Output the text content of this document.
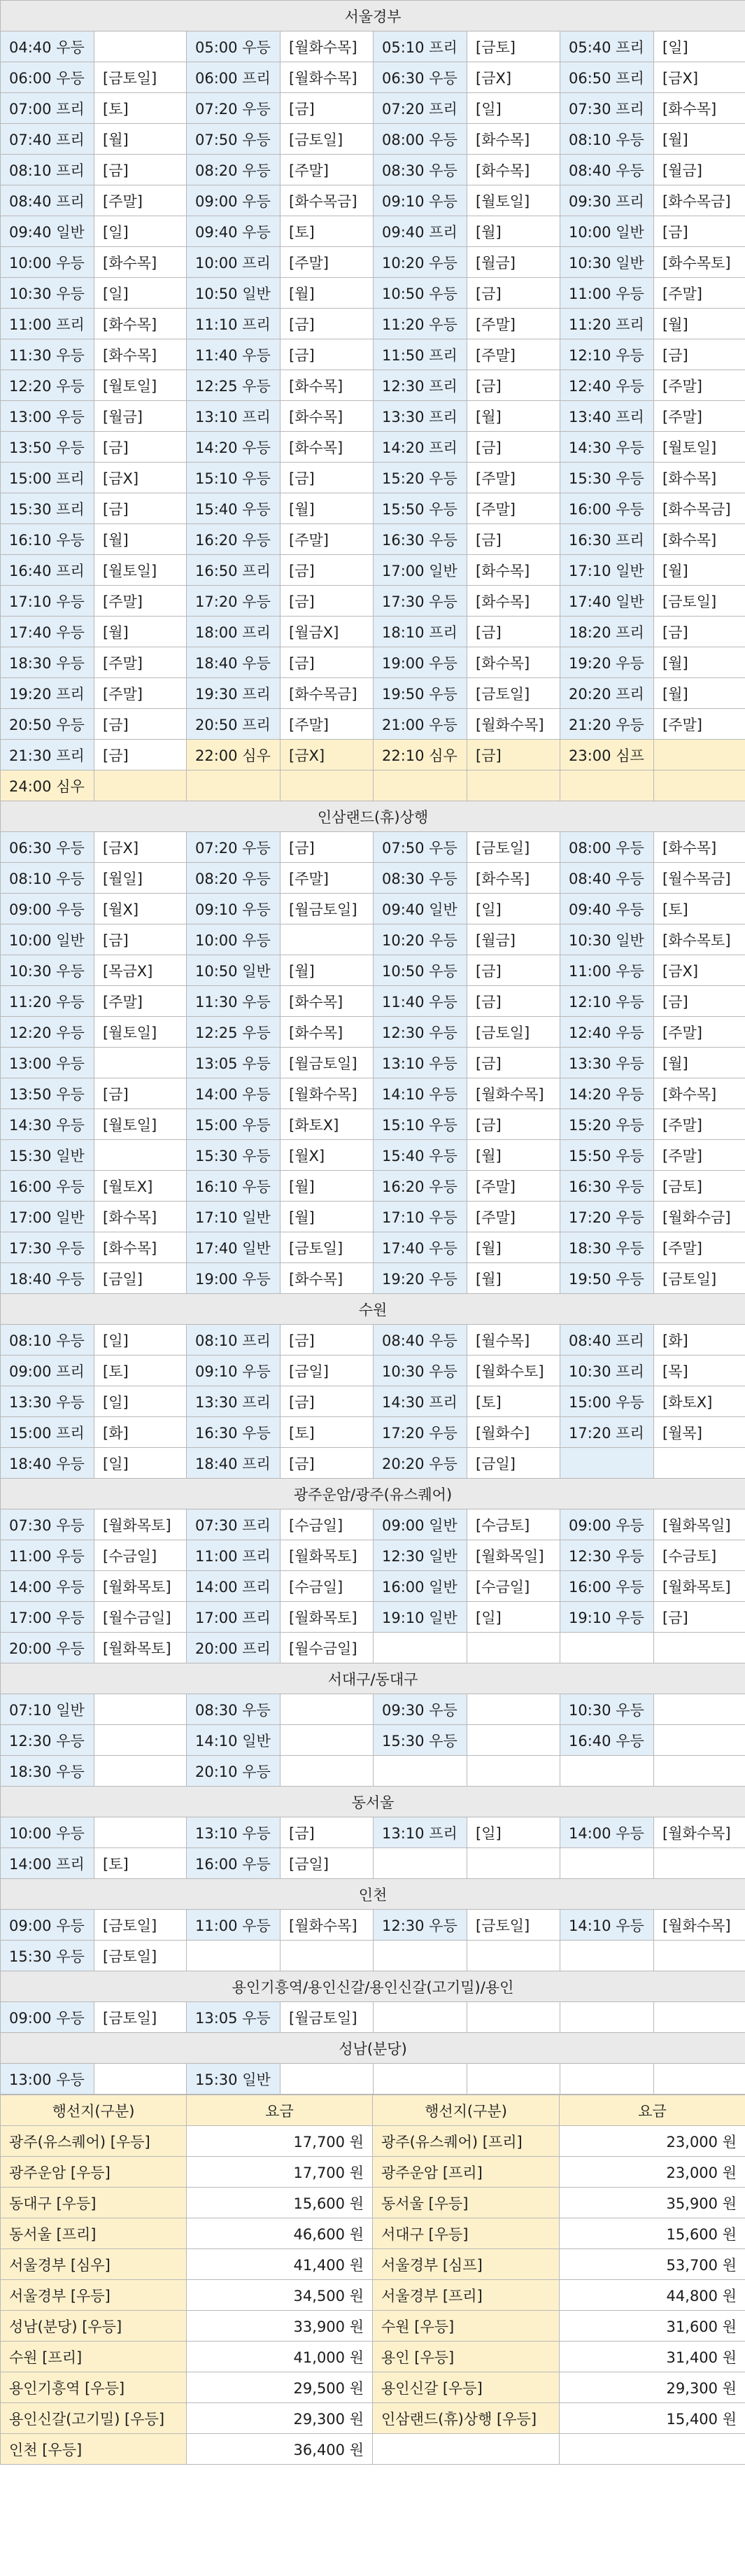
서울경부							
04:40 우등		05:00 우등	[월화수목]	05:10 프리	[금토]	05:40 프리	[일]
06:00 우등	[금토일]	06:00 프리	[월화수목]	06:30 우등	[금X]	06:50 프리	[금X]
07:00 프리	[토]	07:20 우등	[금]	07:20 프리	[일]	07:30 프리	[화수목]
07:40 프리	[월]	07:50 우등	[금토일]	08:00 우등	[화수목]	08:10 우등	[월]
08:10 프리	[금]	08:20 우등	[주말]	08:30 우등	[화수목]	08:40 우등	[월금]
08:40 프리	[주말]	09:00 우등	[화수목금]	09:10 우등	[월토일]	09:30 프리	[화수목금]
09:40 일반	[일]	09:40 우등	[토]	09:40 프리	[월]	10:00 일반	[금]
10:00 우등	[화수목]	10:00 프리	[주말]	10:20 우등	[월금]	10:30 일반	[화수목토]
10:30 우등	[일]	10:50 일반	[월]	10:50 우등	[금]	11:00 우등	[주말]
11:00 프리	[화수목]	11:10 프리	[금]	11:20 우등	[주말]	11:20 프리	[월]
11:30 우등	[화수목]	11:40 우등	[금]	11:50 프리	[주말]	12:10 우등	[금]
12:20 우등	[월토일]	12:25 우등	[화수목]	12:30 프리	[금]	12:40 우등	[주말]
13:00 우등	[월금]	13:10 프리	[화수목]	13:30 프리	[월]	13:40 프리	[주말]
13:50 우등	[금]	14:20 우등	[화수목]	14:20 프리	[금]	14:30 우등	[월토일]
15:00 프리	[금X]	15:10 우등	[금]	15:20 우등	[주말]	15:30 우등	[화수목]
15:30 프리	[금]	15:40 우등	[월]	15:50 우등	[주말]	16:00 우등	[화수목금]
16:10 우등	[월]	16:20 우등	[주말]	16:30 우등	[금]	16:30 프리	[화수목]
16:40 프리	[월토일]	16:50 프리	[금]	17:00 일반	[화수목]	17:10 일반	[월]
17:10 우등	[주말]	17:20 우등	[금]	17:30 우등	[화수목]	17:40 일반	[금토일]
17:40 우등	[월]	18:00 프리	[월금X]	18:10 프리	[금]	18:20 프리	[금]
18:30 우등	[주말]	18:40 우등	[금]	19:00 우등	[화수목]	19:20 우등	[월]
19:20 프리	[주말]	19:30 프리	[화수목금]	19:50 우등	[금토일]	20:20 프리	[월]
20:50 우등	[금]	20:50 프리	[주말]	21:00 우등	[월화수목]	21:20 우등	[주말]
21:30 프리	[금]	22:00 심우	[금X]	22:10 심우	[금]	23:00 심프	
24:00 심우							
인삼랜드(휴)상행							
06:30 우등	[금X]	07:20 우등	[금]	07:50 우등	[금토일]	08:00 우등	[화수목]
08:10 우등	[월일]	08:20 우등	[주말]	08:30 우등	[화수목]	08:40 우등	[월수목금]
09:00 우등	[월X]	09:10 우등	[월금토일]	09:40 일반	[일]	09:40 우등	[토]
10:00 일반	[금]	10:00 우등		10:20 우등	[월금]	10:30 일반	[화수목토]
10:30 우등	[목금X]	10:50 일반	[월]	10:50 우등	[금]	11:00 우등	[금X]
11:20 우등	[주말]	11:30 우등	[화수목]	11:40 우등	[금]	12:10 우등	[금]
12:20 우등	[월토일]	12:25 우등	[화수목]	12:30 우등	[금토일]	12:40 우등	[주말]
13:00 우등		13:05 우등	[월금토일]	13:10 우등	[금]	13:30 우등	[월]
13:50 우등	[금]	14:00 우등	[월화수목]	14:10 우등	[월화수목]	14:20 우등	[화수목]
14:30 우등	[월토일]	15:00 우등	[화토X]	15:10 우등	[금]	15:20 우등	[주말]
15:30 일반		15:30 우등	[월X]	15:40 우등	[월]	15:50 우등	[주말]
16:00 우등	[월토X]	16:10 우등	[월]	16:20 우등	[주말]	16:30 우등	[금토]
17:00 일반	[화수목]	17:10 일반	[월]	17:10 우등	[주말]	17:20 우등	[월화수금]
17:30 우등	[화수목]	17:40 일반	[금토일]	17:40 우등	[월]	18:30 우등	[주말]
18:40 우등	[금일]	19:00 우등	[화수목]	19:20 우등	[월]	19:50 우등	[금토일]
수원							
08:10 우등	[일]	08:10 프리	[금]	08:40 우등	[월수목]	08:40 프리	[화]
09:00 프리	[토]	09:10 우등	[금일]	10:30 우등	[월화수토]	10:30 프리	[목]
13:30 우등	[일]	13:30 프리	[금]	14:30 프리	[토]	15:00 우등	[화토X]
15:00 프리	[화]	16:30 우등	[토]	17:20 우등	[월화수]	17:20 프리	[월목]
18:40 우등	[일]	18:40 프리	[금]	20:20 우등	[금일]		
광주운암/광주(유스퀘어)							
07:30 우등	[월화목토]	07:30 프리	[수금일]	09:00 일반	[수금토]	09:00 우등	[월화목일]
11:00 우등	[수금일]	11:00 프리	[월화목토]	12:30 일반	[월화목일]	12:30 우등	[수금토]
14:00 우등	[월화목토]	14:00 프리	[수금일]	16:00 일반	[수금일]	16:00 우등	[월화목토]
17:00 우등	[월수금일]	17:00 프리	[월화목토]	19:10 일반	[일]	19:10 우등	[금]
20:00 우등	[월화목토]	20:00 프리	[월수금일]				
서대구/동대구							
07:10 일반		08:30 우등		09:30 우등		10:30 우등	
12:30 우등		14:10 일반		15:30 우등		16:40 우등	
18:30 우등		20:10 우등					
동서울							
10:00 우등		13:10 우등	[금]	13:10 프리	[일]	14:00 우등	[월화수목]
14:00 프리	[토]	16:00 우등	[금일]				
인천							
09:00 우등	[금토일]	11:00 우등	[월화수목]	12:30 우등	[금토일]	14:10 우등	[월화수목]
15:30 우등	[금토일]						
용인기흥역/용인신갈/용인신갈(고기밀)/용인							
09:00 우등	[금토일]	13:05 우등	[월금토일]				
성남(분당)							
13:00 우등		15:30 일반					
행선지(구분)	요금	행선지(구분)	요금
광주(유스퀘어) [우등]	17,700 원	광주(유스퀘어) [프리]	23,000 원
광주운암 [우등]	17,700 원	광주운암 [프리]	23,000 원
동대구 [우등]	15,600 원	동서울 [우등]	35,900 원
동서울 [프리]	46,600 원	서대구 [우등]	15,600 원
서울경부 [심우]	41,400 원	서울경부 [심프]	53,700 원
서울경부 [우등]	34,500 원	서울경부 [프리]	44,800 원
성남(분당) [우등]	33,900 원	수원 [우등]	31,600 원
수원 [프리]	41,000 원	용인 [우등]	31,400 원
용인기흥역 [우등]	29,500 원	용인신갈 [우등]	29,300 원
용인신갈(고기밀) [우등]	29,300 원	인삼랜드(휴)상행 [우등]	15,400 원
인천 [우등]	36,400 원		
